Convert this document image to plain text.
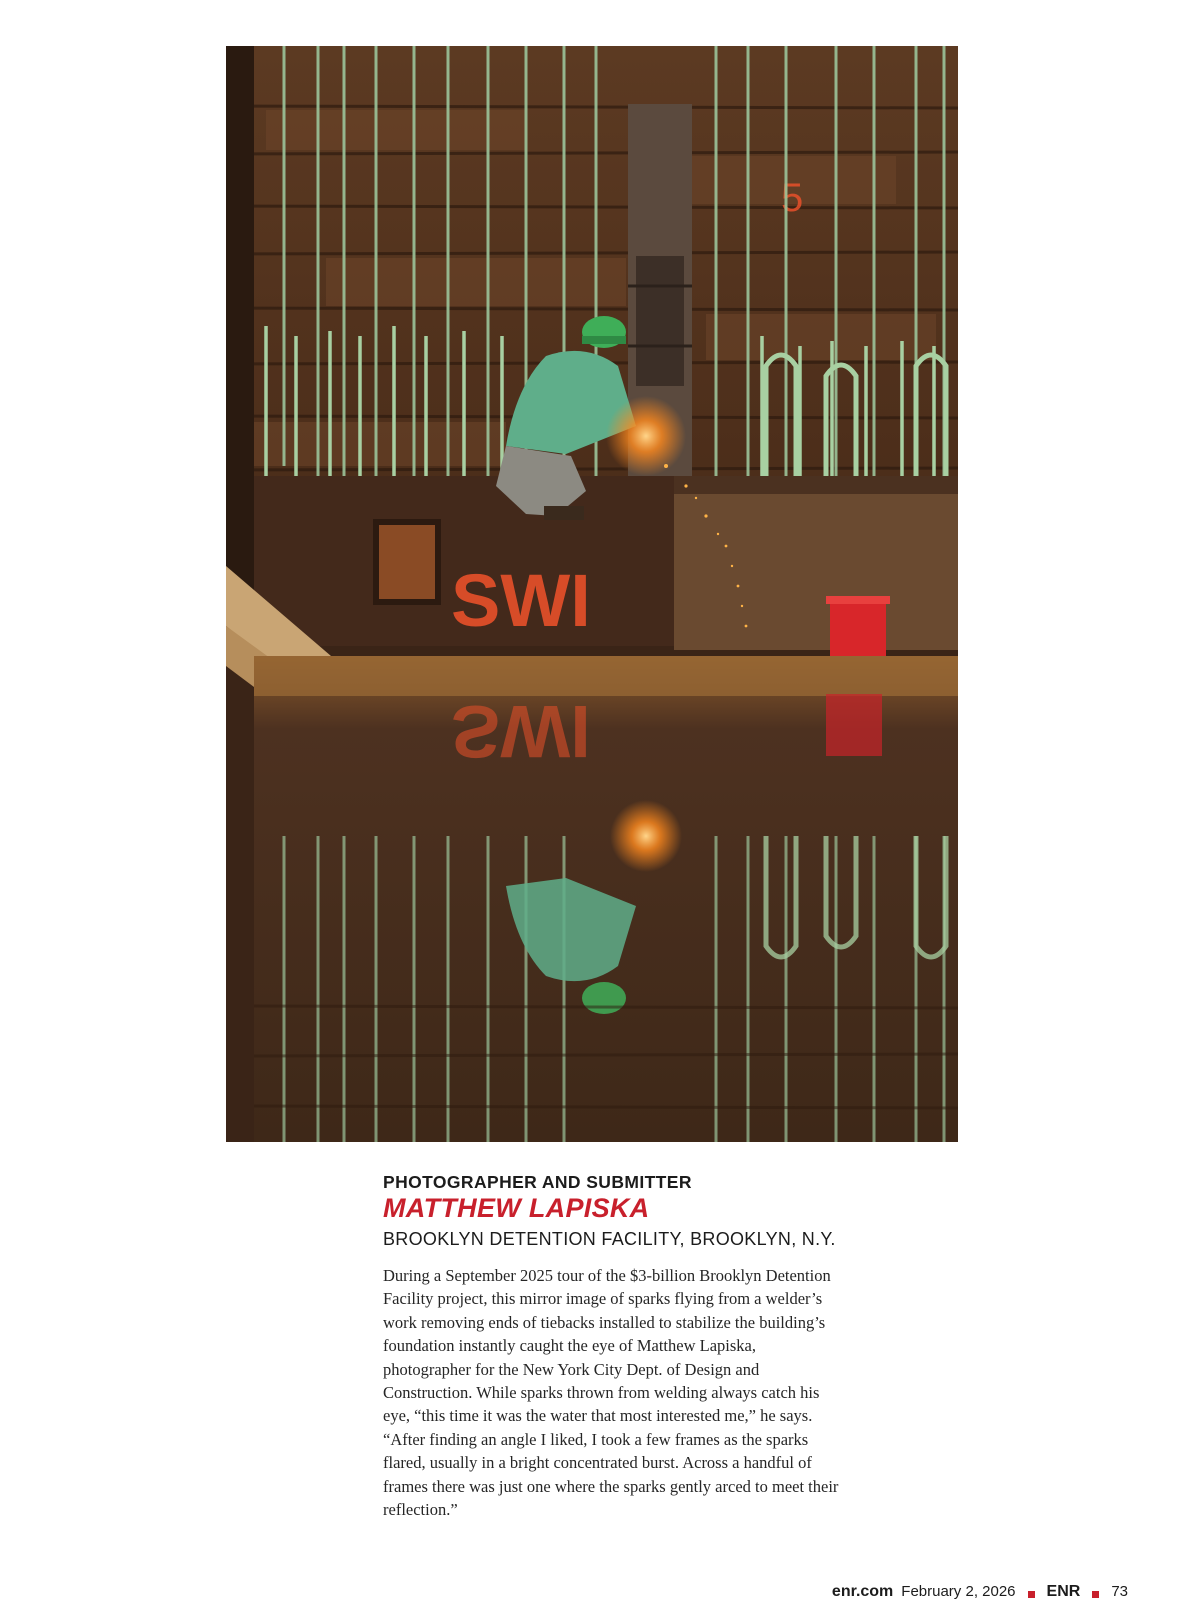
5
SWI
SWI

PHOTOGRAPHER AND SUBMITTER

MATTHEW LAPISKA

BROOKLYN DETENTION FACILITY, BROOKLYN, N.Y.

During a September 2025 tour of the $3-billion Brooklyn Detention Facility project, this mirror image of sparks flying from a welder’s work removing ends of tiebacks installed to stabilize the building’s foundation instantly caught the eye of Matthew Lapiska, photographer for the New York City Dept. of Design and Construction. While sparks thrown from welding always catch his eye, “this time it was the water that most interested me,” he says. “After finding an angle I liked, I took a few frames as the sparks flared, usually in a bright concentrated burst. Across a handful of frames there was just one where the sparks gently arced to meet their reflection.”

enr.com February 2, 2026 ENR 73
